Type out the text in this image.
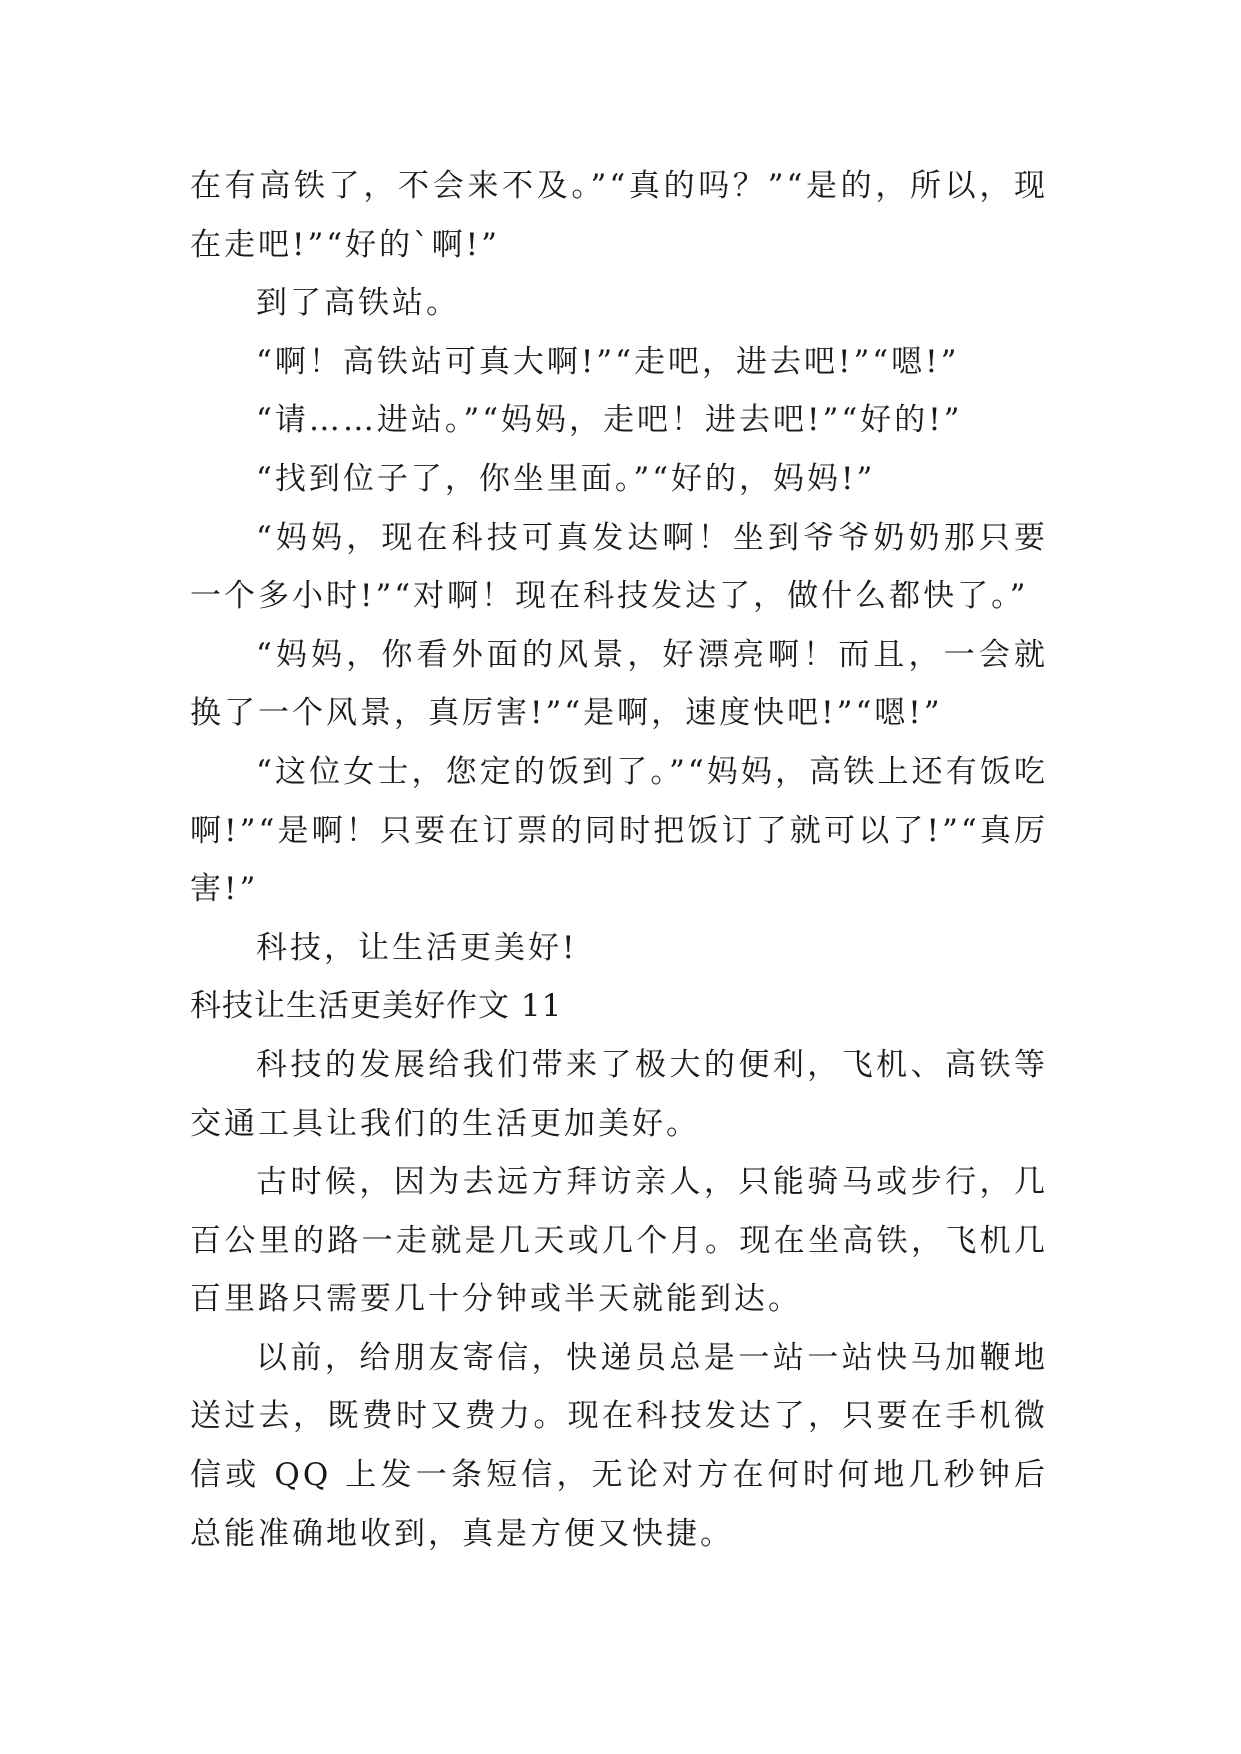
在有高铁了，不会来不及。”“真的吗？”“是的，所以，现在走吧!”“好的`啊!”

到了高铁站。

“啊！高铁站可真大啊!”“走吧，进去吧!”“嗯!”

“请……进站。”“妈妈，走吧！进去吧!”“好的!”

“找到位子了，你坐里面。”“好的，妈妈!”

“妈妈，现在科技可真发达啊！坐到爷爷奶奶那只要一个多小时!”“对啊！现在科技发达了，做什么都快了。”

“妈妈，你看外面的风景，好漂亮啊！而且，一会就换了一个风景，真厉害!”“是啊，速度快吧!”“嗯!”

“这位女士，您定的饭到了。”“妈妈，高铁上还有饭吃啊!”“是啊！只要在订票的同时把饭订了就可以了!”“真厉害!”

科技，让生活更美好!

科技让生活更美好作文 11

科技的发展给我们带来了极大的便利，飞机、高铁等交通工具让我们的生活更加美好。

古时候，因为去远方拜访亲人，只能骑马或步行，几百公里的路一走就是几天或几个月。现在坐高铁，飞机几百里路只需要几十分钟或半天就能到达。

以前，给朋友寄信，快递员总是一站一站快马加鞭地送过去，既费时又费力。现在科技发达了，只要在手机微信或 QQ 上发一条短信，无论对方在何时何地几秒钟后总能准确地收到，真是方便又快捷。
